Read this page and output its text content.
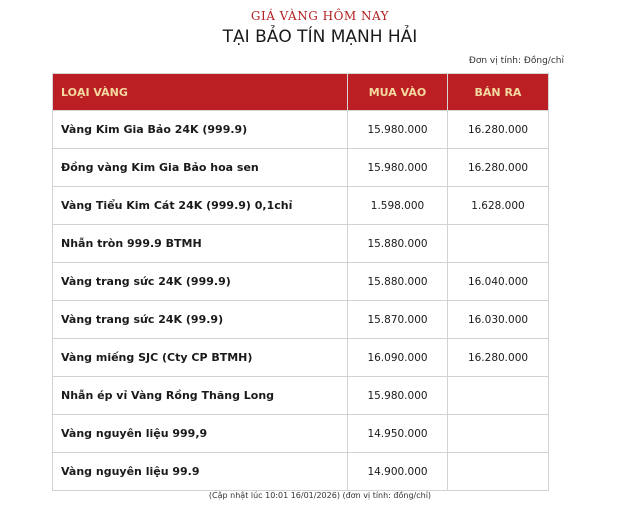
GIÁ VÀNG HÔM NAY
TẠI BẢO TÍN MẠNH HẢI
Đơn vị tính: Đồng/chỉ
LOẠI VÀNG	MUA VÀO	BÁN RA
Vàng Kim Gia Bảo 24K (999.9)	15.980.000	16.280.000
Đồng vàng Kim Gia Bảo hoa sen	15.980.000	16.280.000
Vàng Tiểu Kim Cát 24K (999.9) 0,1chỉ	1.598.000	1.628.000
Nhẫn tròn 999.9 BTMH	15.880.000	
Vàng trang sức 24K (999.9)	15.880.000	16.040.000
Vàng trang sức 24K (99.9)	15.870.000	16.030.000
Vàng miếng SJC (Cty CP BTMH)	16.090.000	16.280.000
Nhẫn ép vỉ Vàng Rồng Thăng Long	15.980.000	
Vàng nguyên liệu 999,9	14.950.000	
Vàng nguyên liệu 99.9	14.900.000	
(Cập nhật lúc 10:01 16/01/2026) (đơn vị tính: đồng/chỉ)
